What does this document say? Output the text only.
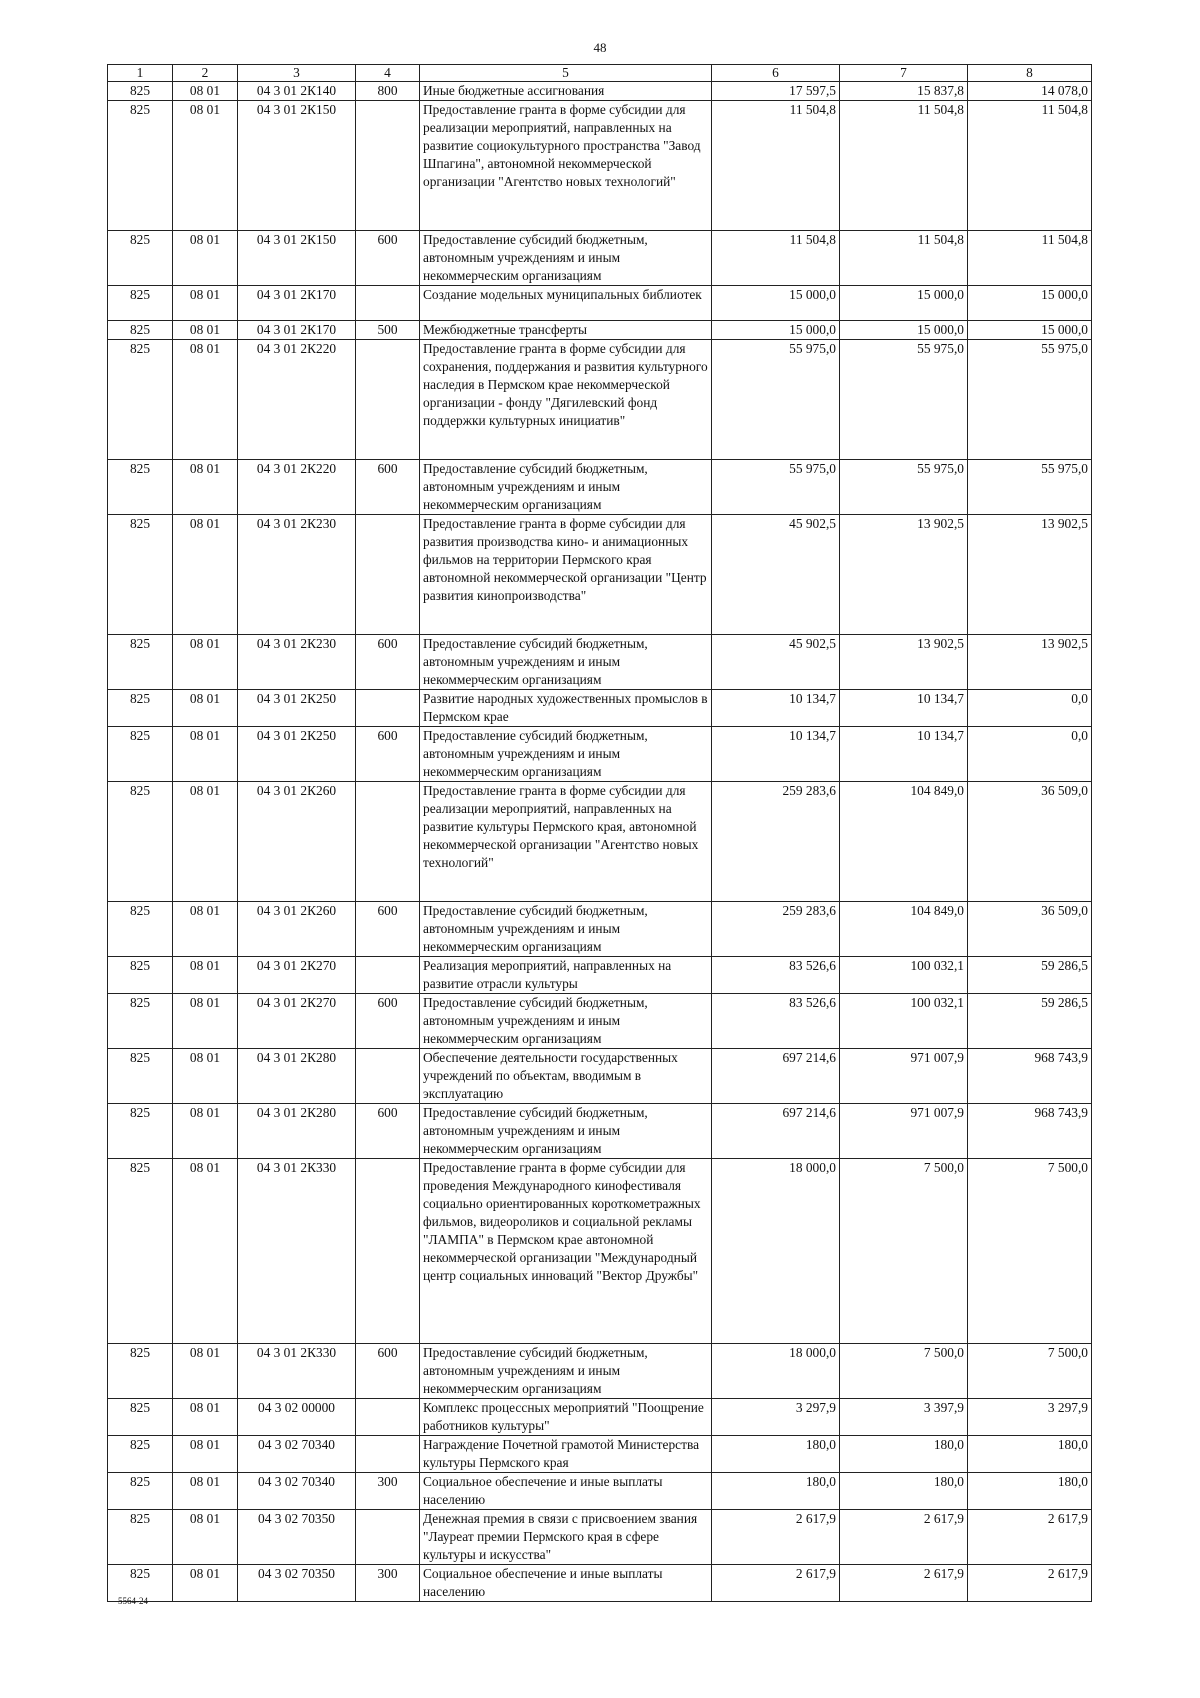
48
1	2	3	4	5	6	7	8
825	08 01	04 3 01 2К140	800	Иные бюджетные ассигнования	17 597,5	15 837,8	14 078,0
825	08 01	04 3 01 2К150		Предоставление гранта в форме субсидии для реализации мероприятий, направленных на развитие социокультурного пространства "Завод Шпагина", автономной некоммерческой организации "Агентство новых технологий"	11 504,8	11 504,8	11 504,8
825	08 01	04 3 01 2К150	600	Предоставление субсидий бюджетным, автономным учреждениям и иным некоммерческим организациям	11 504,8	11 504,8	11 504,8
825	08 01	04 3 01 2К170		Создание модельных муниципальных библиотек	15 000,0	15 000,0	15 000,0
825	08 01	04 3 01 2К170	500	Межбюджетные трансферты	15 000,0	15 000,0	15 000,0
825	08 01	04 3 01 2К220		Предоставление гранта в форме субсидии для сохранения, поддержания и развития культурного наследия в Пермском крае некоммерческой организации - фонду "Дягилевский фонд поддержки культурных инициатив"	55 975,0	55 975,0	55 975,0
825	08 01	04 3 01 2К220	600	Предоставление субсидий бюджетным, автономным учреждениям и иным некоммерческим организациям	55 975,0	55 975,0	55 975,0
825	08 01	04 3 01 2К230		Предоставление гранта в форме субсидии для развития производства кино- и анимационных фильмов на территории Пермского края автономной некоммерческой организации "Центр развития кинопроизводства"	45 902,5	13 902,5	13 902,5
825	08 01	04 3 01 2К230	600	Предоставление субсидий бюджетным, автономным учреждениям и иным некоммерческим организациям	45 902,5	13 902,5	13 902,5
825	08 01	04 3 01 2К250		Развитие народных художественных промыслов в Пермском крае	10 134,7	10 134,7	0,0
825	08 01	04 3 01 2К250	600	Предоставление субсидий бюджетным, автономным учреждениям и иным некоммерческим организациям	10 134,7	10 134,7	0,0
825	08 01	04 3 01 2К260		Предоставление гранта в форме субсидии для реализации мероприятий, направленных на развитие культуры Пермского края, автономной некоммерческой организации "Агентство новых технологий"	259 283,6	104 849,0	36 509,0
825	08 01	04 3 01 2К260	600	Предоставление субсидий бюджетным, автономным учреждениям и иным некоммерческим организациям	259 283,6	104 849,0	36 509,0
825	08 01	04 3 01 2К270		Реализация мероприятий, направленных на развитие отрасли культуры	83 526,6	100 032,1	59 286,5
825	08 01	04 3 01 2К270	600	Предоставление субсидий бюджетным, автономным учреждениям и иным некоммерческим организациям	83 526,6	100 032,1	59 286,5
825	08 01	04 3 01 2К280		Обеспечение деятельности государственных учреждений по объектам, вводимым в эксплуатацию	697 214,6	971 007,9	968 743,9
825	08 01	04 3 01 2К280	600	Предоставление субсидий бюджетным, автономным учреждениям и иным некоммерческим организациям	697 214,6	971 007,9	968 743,9
825	08 01	04 3 01 2К330		Предоставление гранта в форме субсидии для проведения Международного кинофестиваля социально ориентированных короткометражных фильмов, видеороликов и социальной рекламы "ЛАМПА" в Пермском крае автономной некоммерческой организации "Международный центр социальных инноваций "Вектор Дружбы"	18 000,0	7 500,0	7 500,0
825	08 01	04 3 01 2К330	600	Предоставление субсидий бюджетным, автономным учреждениям и иным некоммерческим организациям	18 000,0	7 500,0	7 500,0
825	08 01	04 3 02 00000		Комплекс процессных мероприятий "Поощрение работников культуры"	3 297,9	3 397,9	3 297,9
825	08 01	04 3 02 70340		Награждение Почетной грамотой Министерства культуры Пермского края	180,0	180,0	180,0
825	08 01	04 3 02 70340	300	Социальное обеспечение и иные выплаты населению	180,0	180,0	180,0
825	08 01	04 3 02 70350		Денежная премия в связи с присвоением звания "Лауреат премии Пермского края в сфере культуры и искусства"	2 617,9	2 617,9	2 617,9
825	08 01	04 3 02 70350	300	Социальное обеспечение и иные выплаты населению	2 617,9	2 617,9	2 617,9
5564-24
